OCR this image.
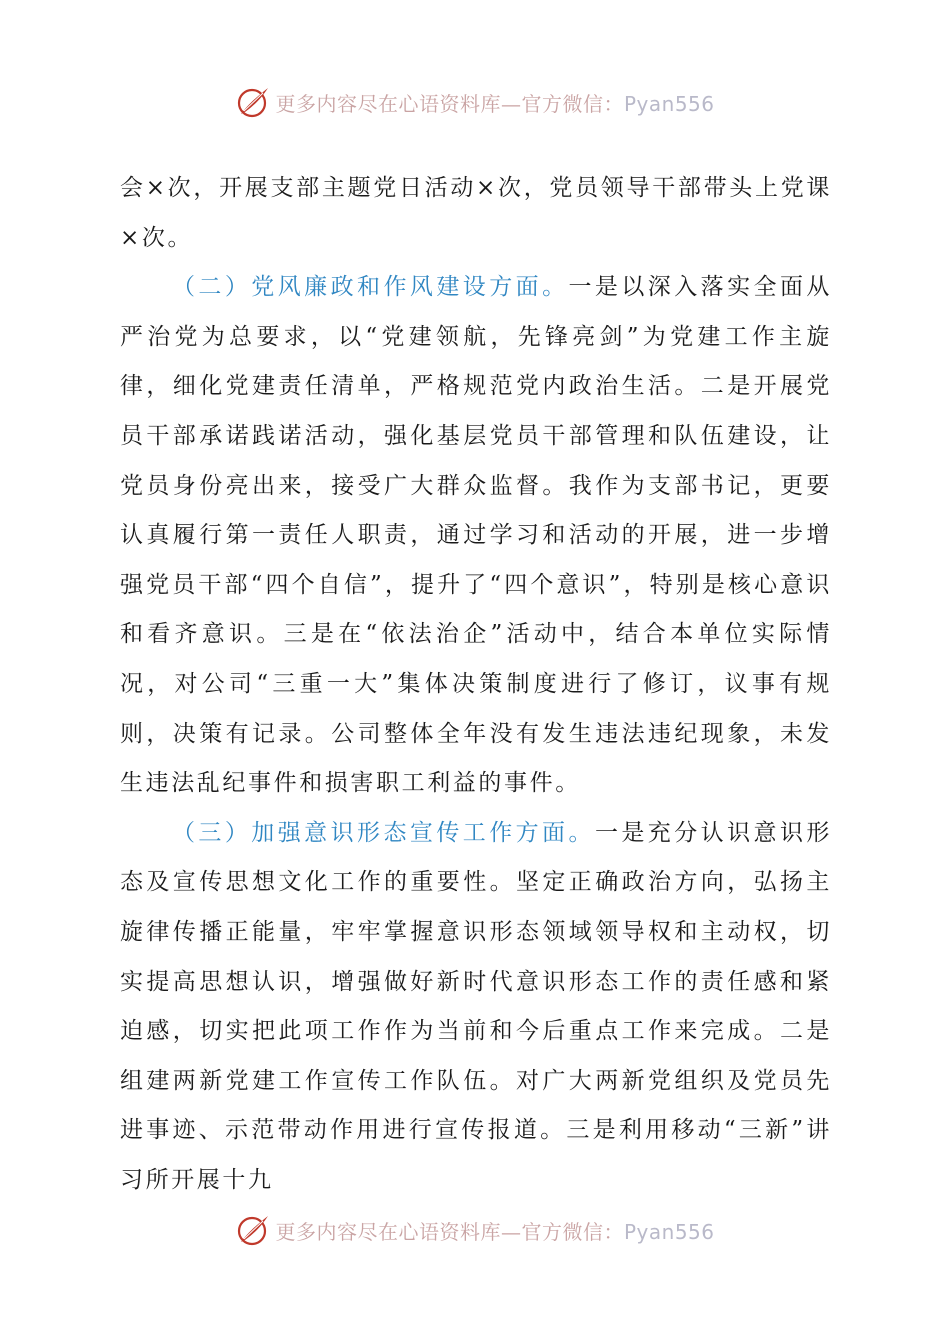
更多内容尽在心语资料库—官方微信：Pyan556

会×次，开展支部主题党日活动×次，党员领导干部带头上党课×次。

（二）党风廉政和作风建设方面。一是以深入落实全面从严治党为总要求，以“党建领航，先锋亮剑”为党建工作主旋律，细化党建责任清单，严格规范党内政治生活。二是开展党员干部承诺践诺活动，强化基层党员干部管理和队伍建设，让党员身份亮出来，接受广大群众监督。我作为支部书记，更要认真履行第一责任人职责，通过学习和活动的开展，进一步增强党员干部“四个自信”，提升了“四个意识”，特别是核心意识和看齐意识。三是在“依法治企”活动中，结合本单位实际情况，对公司“三重一大”集体决策制度进行了修订，议事有规则，决策有记录。公司整体全年没有发生违法违纪现象，未发生违法乱纪事件和损害职工利益的事件。

（三）加强意识形态宣传工作方面。一是充分认识意识形态及宣传思想文化工作的重要性。坚定正确政治方向，弘扬主旋律传播正能量，牢牢掌握意识形态领域领导权和主动权，切实提高思想认识，增强做好新时代意识形态工作的责任感和紧迫感，切实把此项工作作为当前和今后重点工作来完成。二是组建两新党建工作宣传工作队伍。对广大两新党组织及党员先进事迹、示范带动作用进行宣传报道。三是利用移动“三新”讲习所开展十九

更多内容尽在心语资料库—官方微信：Pyan556
